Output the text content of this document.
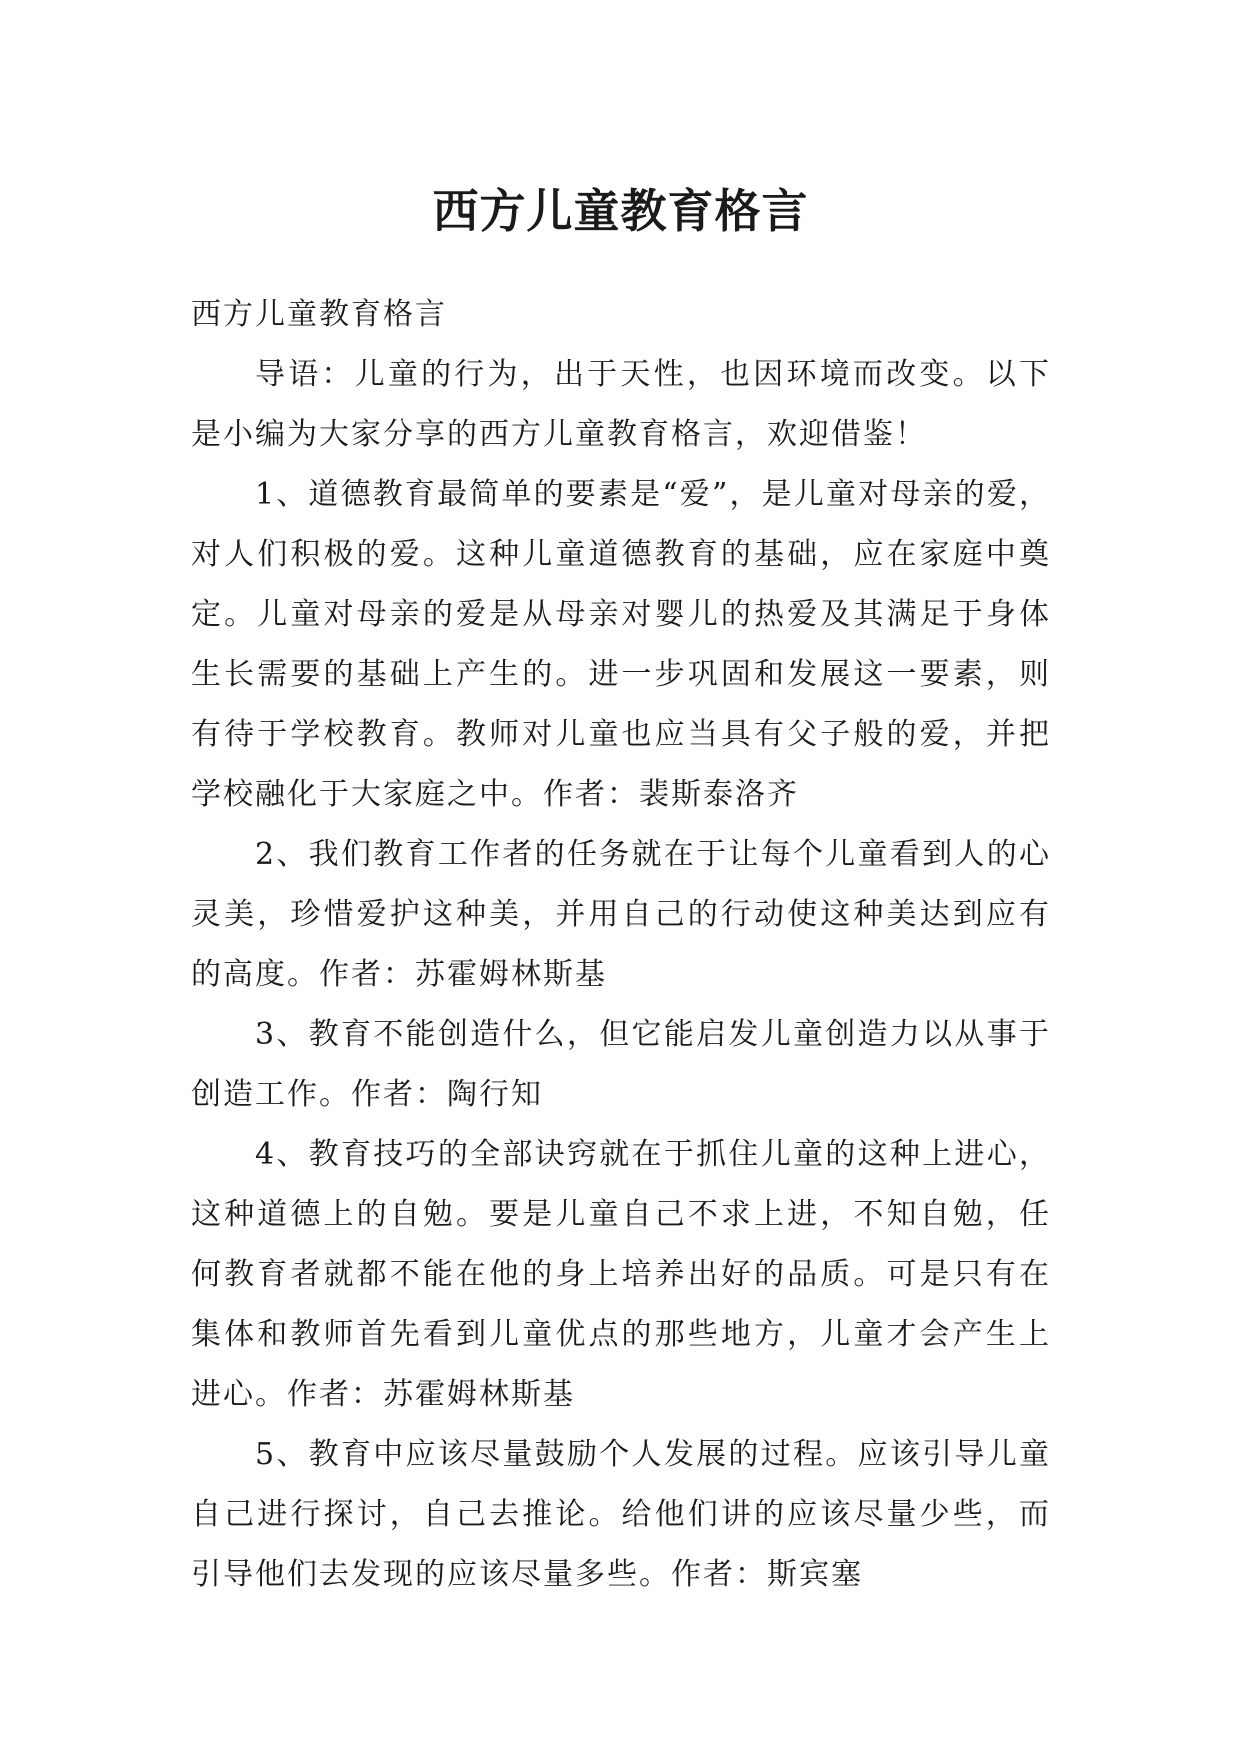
西方儿童教育格言

西方儿童教育格言

导语：儿童的行为，出于天性，也因环境而改变。以下是小编为大家分享的西方儿童教育格言，欢迎借鉴！

1、道德教育最简单的要素是“爱”，是儿童对母亲的爱，对人们积极的爱。这种儿童道德教育的基础，应在家庭中奠定。儿童对母亲的爱是从母亲对婴儿的热爱及其满足于身体生长需要的基础上产生的。进一步巩固和发展这一要素，则有待于学校教育。教师对儿童也应当具有父子般的爱，并把学校融化于大家庭之中。作者：裴斯泰洛齐

2、我们教育工作者的任务就在于让每个儿童看到人的心灵美，珍惜爱护这种美，并用自己的行动使这种美达到应有的高度。作者：苏霍姆林斯基

3、教育不能创造什么，但它能启发儿童创造力以从事于创造工作。作者：陶行知

4、教育技巧的全部诀窍就在于抓住儿童的这种上进心，这种道德上的自勉。要是儿童自己不求上进，不知自勉，任何教育者就都不能在他的身上培养出好的品质。可是只有在集体和教师首先看到儿童优点的那些地方，儿童才会产生上进心。作者：苏霍姆林斯基

5、教育中应该尽量鼓励个人发展的过程。应该引导儿童自己进行探讨，自己去推论。给他们讲的应该尽量少些，而引导他们去发现的应该尽量多些。作者：斯宾塞
